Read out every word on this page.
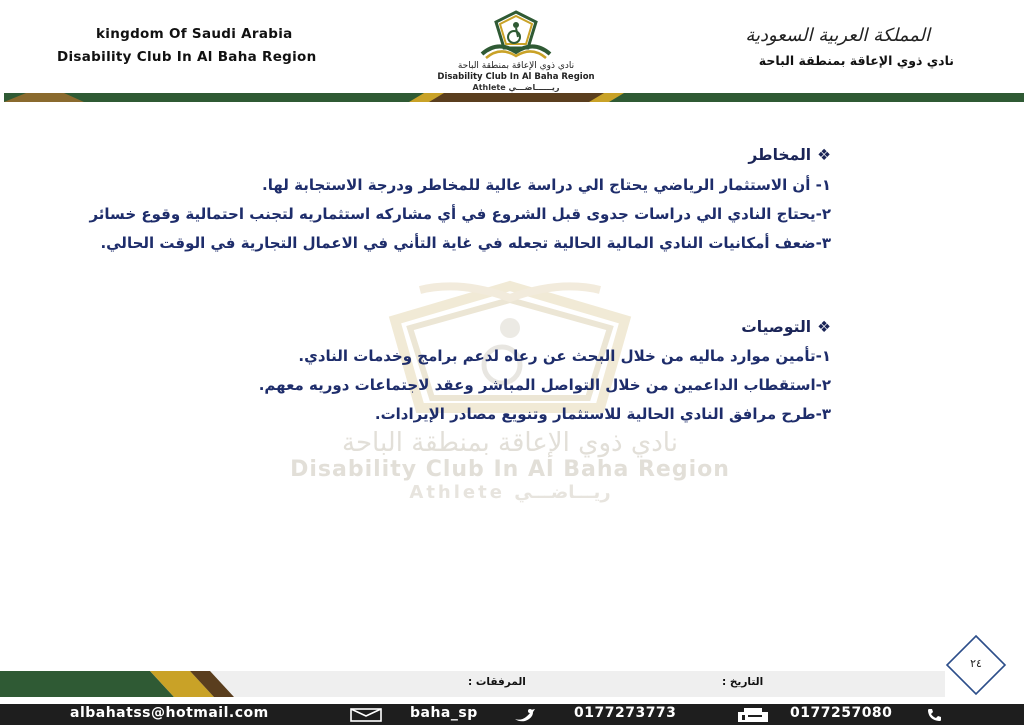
kingdom Of Saudi Arabia
Disability Club In Al Baha Region
نادي ذوي الإعاقة بمنطقة الباحة
Disability Club In Al Baha Region
Athlete ريــــــاضـــي
المملكة العربية السعودية
نادي ذوي الإعاقة بمنطقة الباحة
نادي ذوي الإعاقة بمنطقة الباحة
Disability Club In Al Baha Region
Athlete ريـــاضـــي
❖المخاطر
١- أن الاستثمار الرياضي يحتاج الي دراسة عالية للمخاطر ودرجة الاستجابة لها.
٢-يحتاج النادي الي دراسات جدوى قبل الشروع في أي مشاركه استثماريه لتجنب احتمالية وقوع خسائر
٣-ضعف أمكانيات النادي المالية الحالية تجعله في غاية التأني في الاعمال التجارية في الوقت الحالي.
❖التوصيات
١-تأمين موارد ماليه من خلال البحث عن رعاه لدعم برامج وخدمات النادي.
٢-استقطاب الداعمين من خلال التواصل المباشر وعقد لاجتماعات دوريه معهم.
٣-طرح مرافق النادي الحالية للاستثمار وتنويع مصادر الإيرادات.
٢٤
التاريخ :
المرفقات :
albahatss@hotmail.com	baha_sp	0177273773	0177257080
